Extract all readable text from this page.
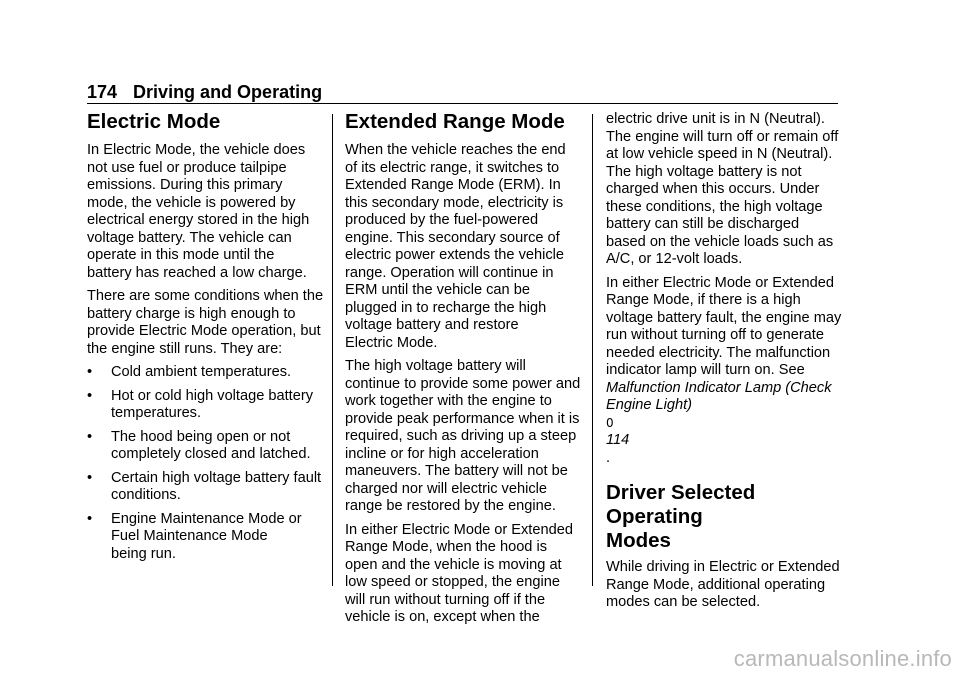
174 Driving and Operating
Electric Mode

In Electric Mode, the vehicle does
not use fuel or produce tailpipe
emissions. During this primary
mode, the vehicle is powered by
electrical energy stored in the high
voltage battery. The vehicle can
operate in this mode until the
battery has reached a low charge.

There are some conditions when the
battery charge is high enough to
provide Electric Mode operation, but
the engine still runs. They are:

•	Cold ambient temperatures.
•	Hot or cold high voltage battery
temperatures.
•	The hood being open or not
completely closed and latched.
•	Certain high voltage battery fault
conditions.
•	Engine Maintenance Mode or
Fuel Maintenance Mode
being run.
Extended Range Mode

When the vehicle reaches the end
of its electric range, it switches to
Extended Range Mode (ERM). In
this secondary mode, electricity is
produced by the fuel-powered
engine. This secondary source of
electric power extends the vehicle
range. Operation will continue in
ERM until the vehicle can be
plugged in to recharge the high
voltage battery and restore
Electric Mode.

The high voltage battery will
continue to provide some power and
work together with the engine to
provide peak performance when it is
required, such as driving up a steep
incline or for high acceleration
maneuvers. The battery will not be
charged nor will electric vehicle
range be restored by the engine.

In either Electric Mode or Extended
Range Mode, when the hood is
open and the vehicle is moving at
low speed or stopped, the engine
will run without turning off if the
vehicle is on, except when the

electric drive unit is in N (Neutral).
The engine will turn off or remain off
at low vehicle speed in N (Neutral).
The high voltage battery is not
charged when this occurs. Under
these conditions, the high voltage
battery can still be discharged
based on the vehicle loads such as
A/C, or 12-volt loads.

In either Electric Mode or Extended
Range Mode, if there is a high
voltage battery fault, the engine may
run without turning off to generate
needed electricity. The malfunction
indicator lamp will turn on. See
Malfunction Indicator Lamp (Check
Engine Light)
0
114
.

Driver Selected Operating
Modes

While driving in Electric or Extended
Range Mode, additional operating
modes can be selected.

carmanualsonline.info
